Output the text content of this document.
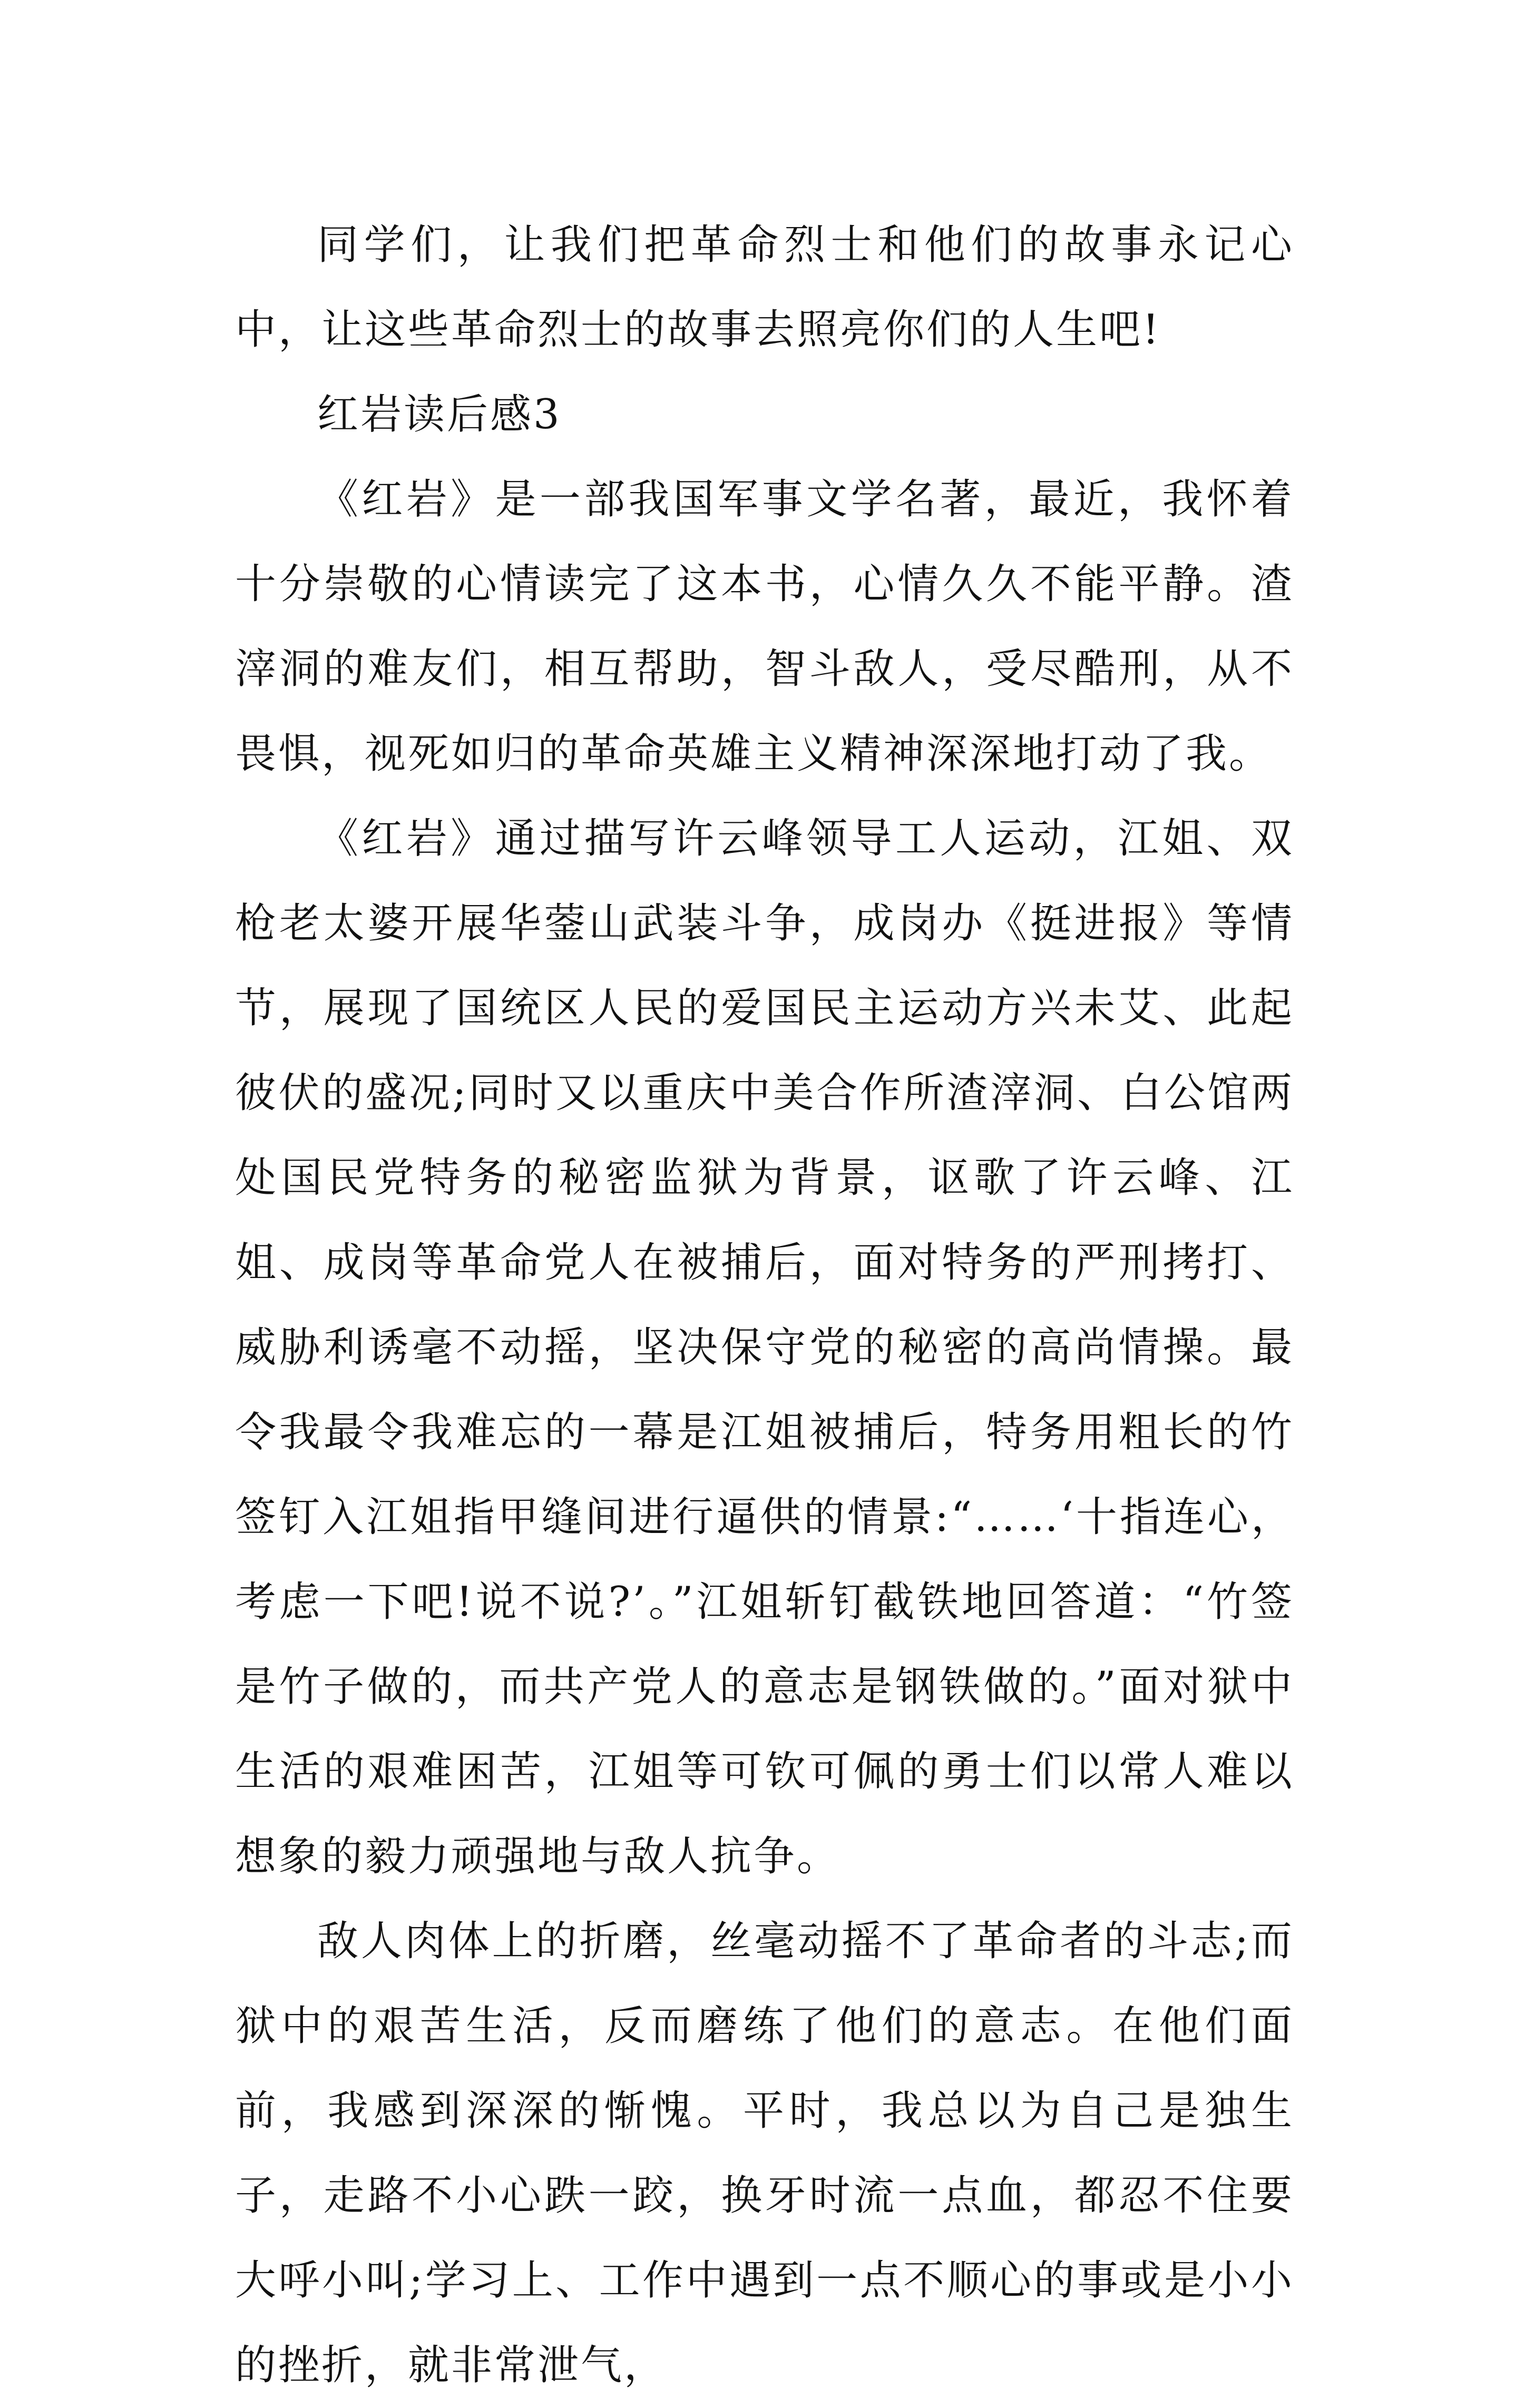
同学们，让我们把革命烈士和他们的故事永记心中，让这些革命烈士的故事去照亮你们的人生吧!

红岩读后感3

《红岩》是一部我国军事文学名著，最近，我怀着十分崇敬的心情读完了这本书，心情久久不能平静。渣滓洞的难友们，相互帮助，智斗敌人，受尽酷刑，从不畏惧，视死如归的革命英雄主义精神深深地打动了我。

《红岩》通过描写许云峰领导工人运动，江姐、双枪老太婆开展华蓥山武装斗争，成岗办《挺进报》等情节，展现了国统区人民的爱国民主运动方兴未艾、此起彼伏的盛况;同时又以重庆中美合作所渣滓洞、白公馆两处国民党特务的秘密监狱为背景，讴歌了许云峰、江姐、成岗等革命党人在被捕后，面对特务的严刑拷打、威胁利诱毫不动摇，坚决保守党的秘密的高尚情操。最令我最令我难忘的一幕是江姐被捕后，特务用粗长的竹签钉入江姐指甲缝间进行逼供的情景:“……‘十指连心，考虑一下吧!说不说?’。”江姐斩钉截铁地回答道：“竹签是竹子做的，而共产党人的意志是钢铁做的。”面对狱中生活的艰难困苦，江姐等可钦可佩的勇士们以常人难以想象的毅力顽强地与敌人抗争。

敌人肉体上的折磨，丝毫动摇不了革命者的斗志;而狱中的艰苦生活，反而磨练了他们的意志。在他们面前，我感到深深的惭愧。平时，我总以为自己是独生子，走路不小心跌一跤，换牙时流一点血，都忍不住要大呼小叫;学习上、工作中遇到一点不顺心的事或是小小的挫折，就非常泄气，
